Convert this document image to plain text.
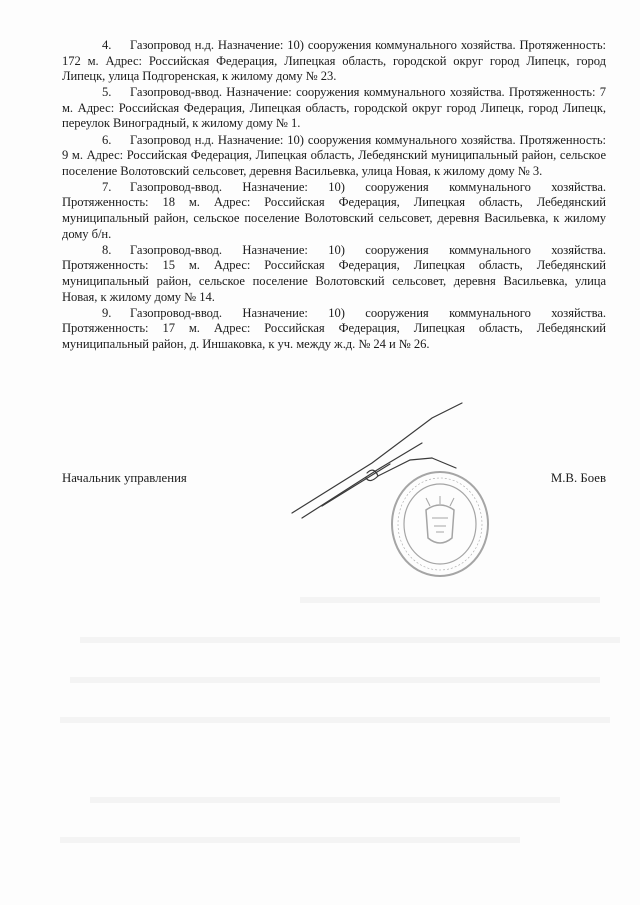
4. Газопровод н.д. Назначение: 10) сооружения коммунального хозяйства. Протяженность: 172 м. Адрес: Российская Федерация, Липецкая область, городской округ город Липецк, город Липецк, улица Подгоренская, к жилому дому № 23.

5. Газопровод-ввод. Назначение: сооружения коммунального хозяйства. Протяженность: 7 м. Адрес: Российская Федерация, Липецкая область, городской округ город Липецк, город Липецк, переулок Виноградный, к жилому дому № 1.

6. Газопровод н.д. Назначение: 10) сооружения коммунального хозяйства. Протяженность: 9 м. Адрес: Российская Федерация, Липецкая область, Лебедянский муниципальный район, сельское поселение Волотовский сельсовет, деревня Васильевка, улица Новая, к жилому дому № 3.

7. Газопровод-ввод. Назначение: 10) сооружения коммунального хозяйства. Протяженность: 18 м. Адрес: Российская Федерация, Липецкая область, Лебедянский муниципальный район, сельское поселение Волотовский сельсовет, деревня Васильевка, к жилому дому б/н.

8. Газопровод-ввод. Назначение: 10) сооружения коммунального хозяйства. Протяженность: 15 м. Адрес: Российская Федерация, Липецкая область, Лебедянский муниципальный район, сельское поселение Волотовский сельсовет, деревня Васильевка, улица Новая, к жилому дому № 14.

9. Газопровод-ввод. Назначение: 10) сооружения коммунального хозяйства. Протяженность: 17 м. Адрес: Российская Федерация, Липецкая область, Лебедянский муниципальный район, д. Иншаковка, к уч. между ж.д. № 24 и № 26.

Начальник управления	М.В. Боев
